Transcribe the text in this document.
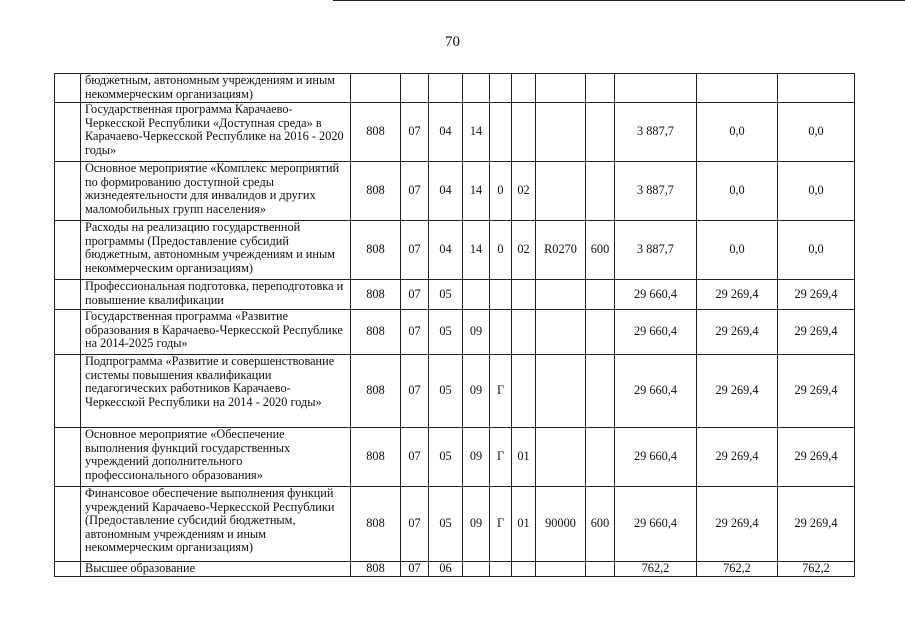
70
	бюджетным, автономным учреждениям и иным некоммерческим организациям)											
	Государственная программа Карачаево-Черкесской Республики «Доступная среда» в Карачаево-Черкесской Республике на 2016 - 2020 годы»	808	07	04	14					3 887,7	0,0	0,0
	Основное мероприятие «Комплекс мероприятий по формированию доступной среды жизнедеятельности для инвалидов и других маломобильных групп населения»	808	07	04	14	0	02			3 887,7	0,0	0,0
	Расходы на реализацию государственной программы (Предоставление субсидий бюджетным, автономным учреждениям и иным некоммерческим организациям)	808	07	04	14	0	02	R0270	600	3 887,7	0,0	0,0
	Профессиональная подготовка, переподготовка и повышение квалификации	808	07	05						29 660,4	29 269,4	29 269,4
	Государственная программа «Развитие образования в Карачаево-Черкесской Республике на 2014-2025 годы»	808	07	05	09					29 660,4	29 269,4	29 269,4
	Подпрограмма «Развитие и совершенствование системы повышения квалификации педагогических работников Карачаево-Черкесской Республики на 2014 - 2020 годы»	808	07	05	09	Г				29 660,4	29 269,4	29 269,4
	Основное мероприятие «Обеспечение выполнения функций государственных учреждений дополнительного профессионального образования»	808	07	05	09	Г	01			29 660,4	29 269,4	29 269,4
	Финансовое обеспечение выполнения функций учреждений Карачаево-Черкесской Республики (Предоставление субсидий бюджетным, автономным учреждениям и иным некоммерческим организациям)	808	07	05	09	Г	01	90000	600	29 660,4	29 269,4	29 269,4
	Высшее образование	808	07	06						762,2	762,2	762,2
